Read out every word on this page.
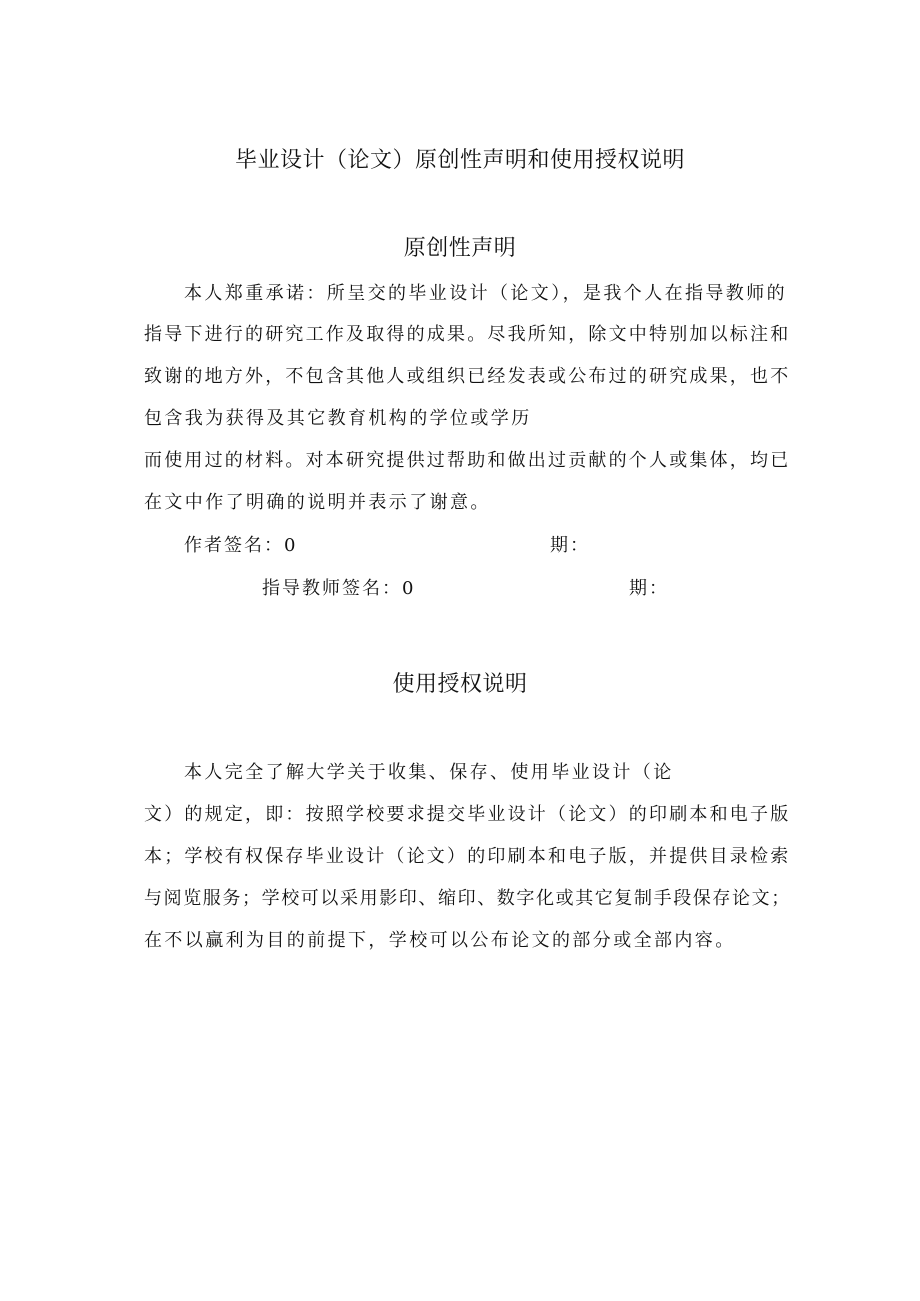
毕业设计（论文）原创性声明和使用授权说明
原创性声明
本人郑重承诺：所呈交的毕业设计（论文），是我个人在指导教师的
指导下进行的研究工作及取得的成果。尽我所知，除文中特别加以标注和
致谢的地方外，不包含其他人或组织已经发表或公布过的研究成果，也不
包含我为获得及其它教育机构的学位或学历
而使用过的材料。对本研究提供过帮助和做出过贡献的个人或集体，均已
在文中作了明确的说明并表示了谢意。
作者签名：0	期：
指导教师签名：0	期：
使用授权说明
本人完全了解大学关于收集、保存、使用毕业设计（论
文）的规定，即：按照学校要求提交毕业设计（论文）的印刷本和电子版
本；学校有权保存毕业设计（论文）的印刷本和电子版，并提供目录检索
与阅览服务；学校可以采用影印、缩印、数字化或其它复制手段保存论文；
在不以赢利为目的前提下，学校可以公布论文的部分或全部内容。
